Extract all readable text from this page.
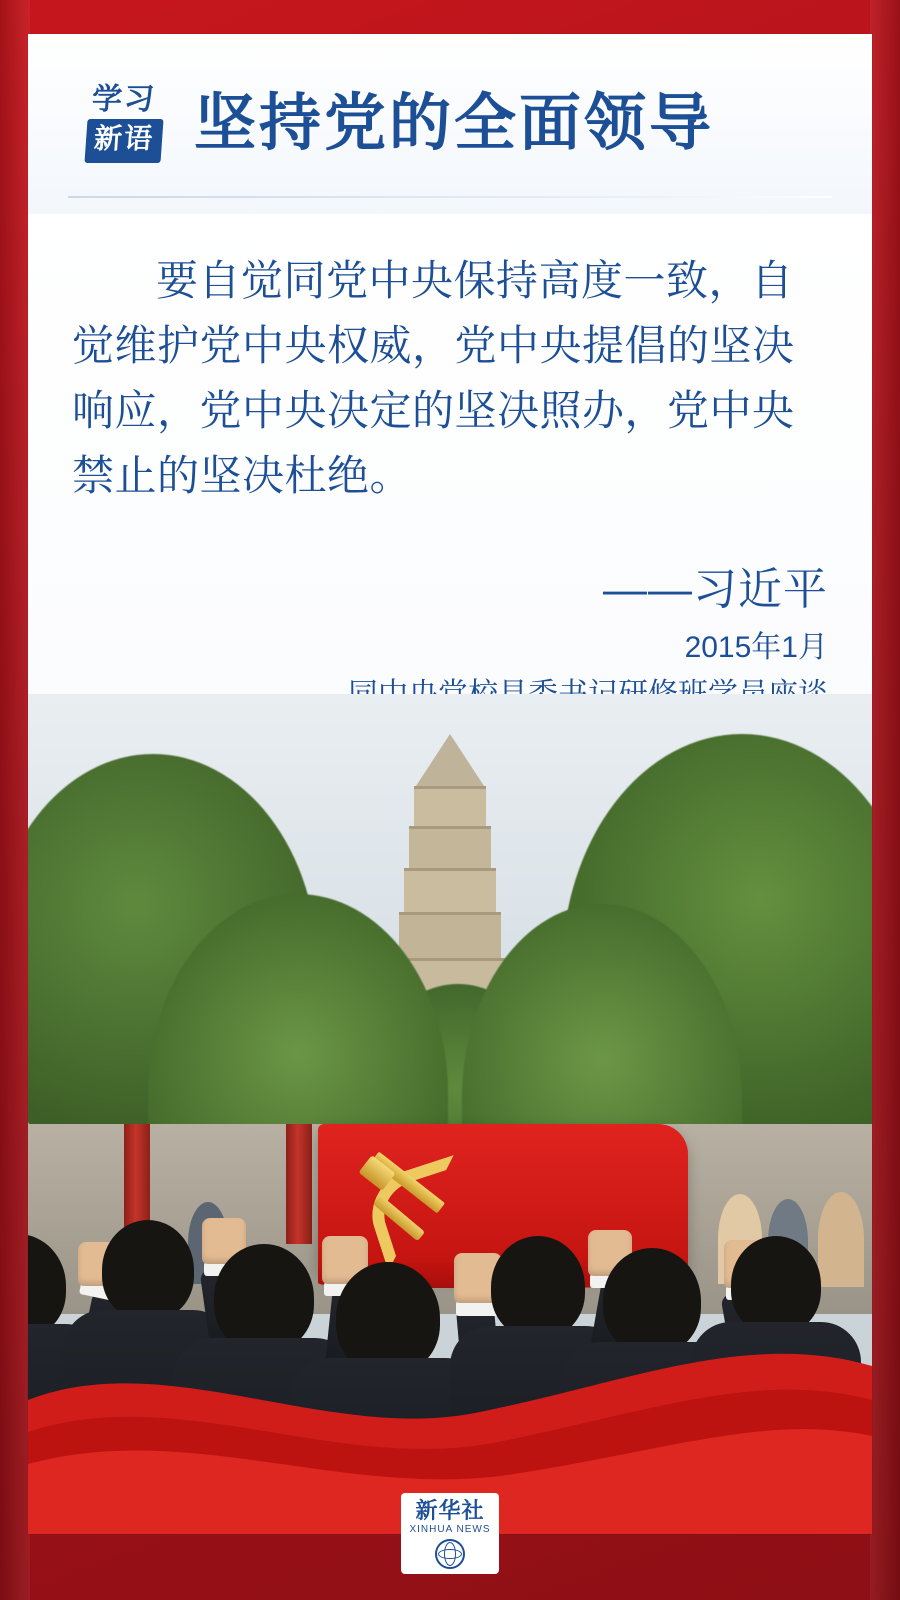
学习
新语 坚持党的全面领导

要自觉同党中央保持高度一致，自觉维护党中央权威，党中央提倡的坚决响应，党中央决定的坚决照办，党中央禁止的坚决杜绝。

——习近平
2015年1月
新华社
XINHUA NEWS
